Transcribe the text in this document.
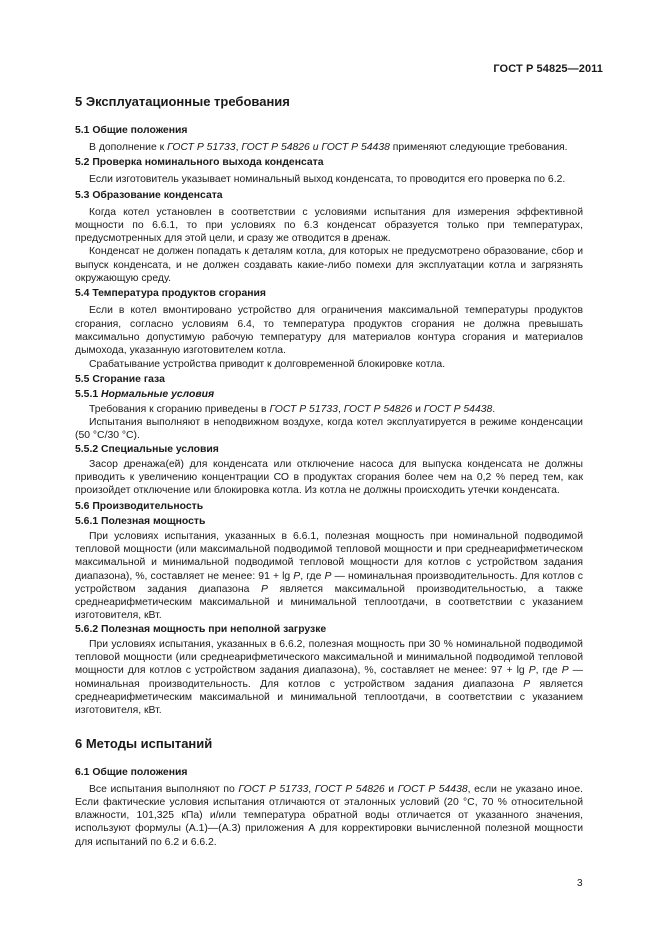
ГОСТ Р 54825—2011
5 Эксплуатационные требования
5.1 Общие положения

В дополнение к ГОСТ Р 51733, ГОСТ Р 54826 и ГОСТ Р 54438 применяют следующие требования.

5.2 Проверка номинального выхода конденсата

Если изготовитель указывает номинальный выход конденсата, то проводится его проверка по 6.2.

5.3 Образование конденсата

Когда котел установлен в соответствии с условиями испытания для измерения эффективной мощности по 6.6.1, то при условиях по 6.3 конденсат образуется только при температурах, предусмотренных для этой цели, и сразу же отводится в дренаж.

Конденсат не должен попадать к деталям котла, для которых не предусмотрено образование, сбор и выпуск конденсата, и не должен создавать какие-либо помехи для эксплуатации котла и загрязнять окружающую среду.

5.4 Температура продуктов сгорания

Если в котел вмонтировано устройство для ограничения максимальной температуры продуктов сгорания, согласно условиям 6.4, то температура продуктов сгорания не должна превышать максимально допустимую рабочую температуру для материалов контура сгорания и материалов дымохода, указанную изготовителем котла.

Срабатывание устройства приводит к долговременной блокировке котла.

5.5 Сгорание газа
5.5.1 Нормальные условия

Требования к сгоранию приведены в ГОСТ Р 51733, ГОСТ Р 54826 и ГОСТ Р 54438.

Испытания выполняют в неподвижном воздухе, когда котел эксплуатируется в режиме конденсации (50 °С/30 °С).

5.5.2 Специальные условия

Засор дренажа(ей) для конденсата или отключение насоса для выпуска конденсата не должны приводить к увеличению концентрации СО в продуктах сгорания более чем на 0,2 % перед тем, как произойдет отключение или блокировка котла. Из котла не должны происходить утечки конденсата.

5.6 Производительность
5.6.1 Полезная мощность

При условиях испытания, указанных в 6.6.1, полезная мощность при номинальной подводимой тепловой мощности (или максимальной подводимой тепловой мощности и при среднеарифметическом максимальной и минимальной подводимой тепловой мощности для котлов с устройством задания диапазона), %, составляет не менее: 91 + lg P, где P — номинальная производительность. Для котлов с устройством задания диапазона P является максимальной производительностью, а также среднеарифметическим максимальной и минимальной теплоотдачи, в соответствии с указанием изготовителя, кВт.

5.6.2 Полезная мощность при неполной загрузке

При условиях испытания, указанных в 6.6.2, полезная мощность при 30 % номинальной подводимой тепловой мощности (или среднеарифметического максимальной и минимальной подводимой тепловой мощности для котлов с устройством задания диапазона), %, составляет не менее: 97 + lg P, где P — номинальная производительность. Для котлов с устройством задания диапазона P является среднеарифметическим максимальной и минимальной теплоотдачи, в соответствии с указанием изготовителя, кВт.

6 Методы испытаний
6.1 Общие положения

Все испытания выполняют по ГОСТ Р 51733, ГОСТ Р 54826 и ГОСТ Р 54438, если не указано иное. Если фактические условия испытания отличаются от эталонных условий (20 °С, 70 % относительной влажности, 101,325 кПа) и/или температура обратной воды отличается от указанного значения, используют формулы (А.1)—(А.3) приложения А для корректировки вычисленной полезной мощности для испытаний по 6.2 и 6.6.2.

3
